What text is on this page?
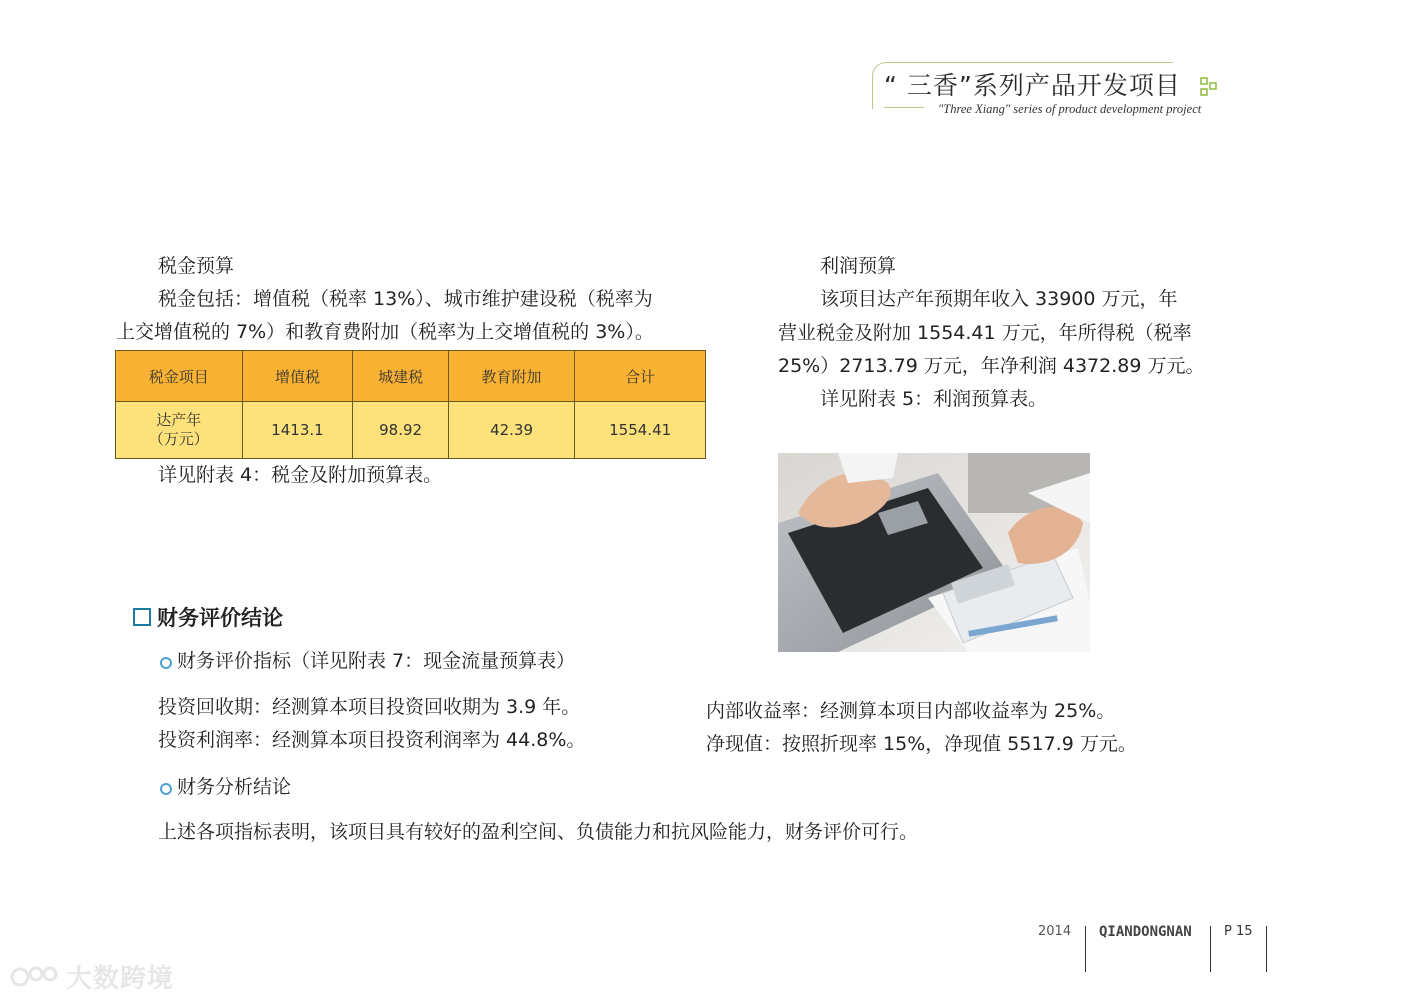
“ 三香”系列产品开发项目
"Three Xiang" series of product development project
税金预算
税金包括：增值税（税率 13%）、城市维护建设税（税率为
上交增值税的 7%）和教育费附加（税率为上交增值税的 3%）。
税金项目	增值税	城建税	教育附加	合计

达产年
（万元）	1413.1	98.92	42.39	1554.41
详见附表 4：税金及附加预算表。
利润预算
该项目达产年预期年收入 33900 万元，年
营业税金及附加 1554.41 万元，年所得税（税率
25%）2713.79 万元，年净利润 4372.89 万元。
详见附表 5：利润预算表。
财务评价结论
财务评价指标（详见附表 7：现金流量预算表）
投资回收期：经测算本项目投资回收期为 3.9 年。
投资利润率：经测算本项目投资利润率为 44.8%。
内部收益率：经测算本项目内部收益率为 25%。
净现值：按照折现率 15%，净现值 5517.9 万元。
财务分析结论
上述各项指标表明，该项目具有较好的盈利空间、负债能力和抗风险能力，财务评价可行。
2014 QIANDONGNAN P 15
大数跨境
